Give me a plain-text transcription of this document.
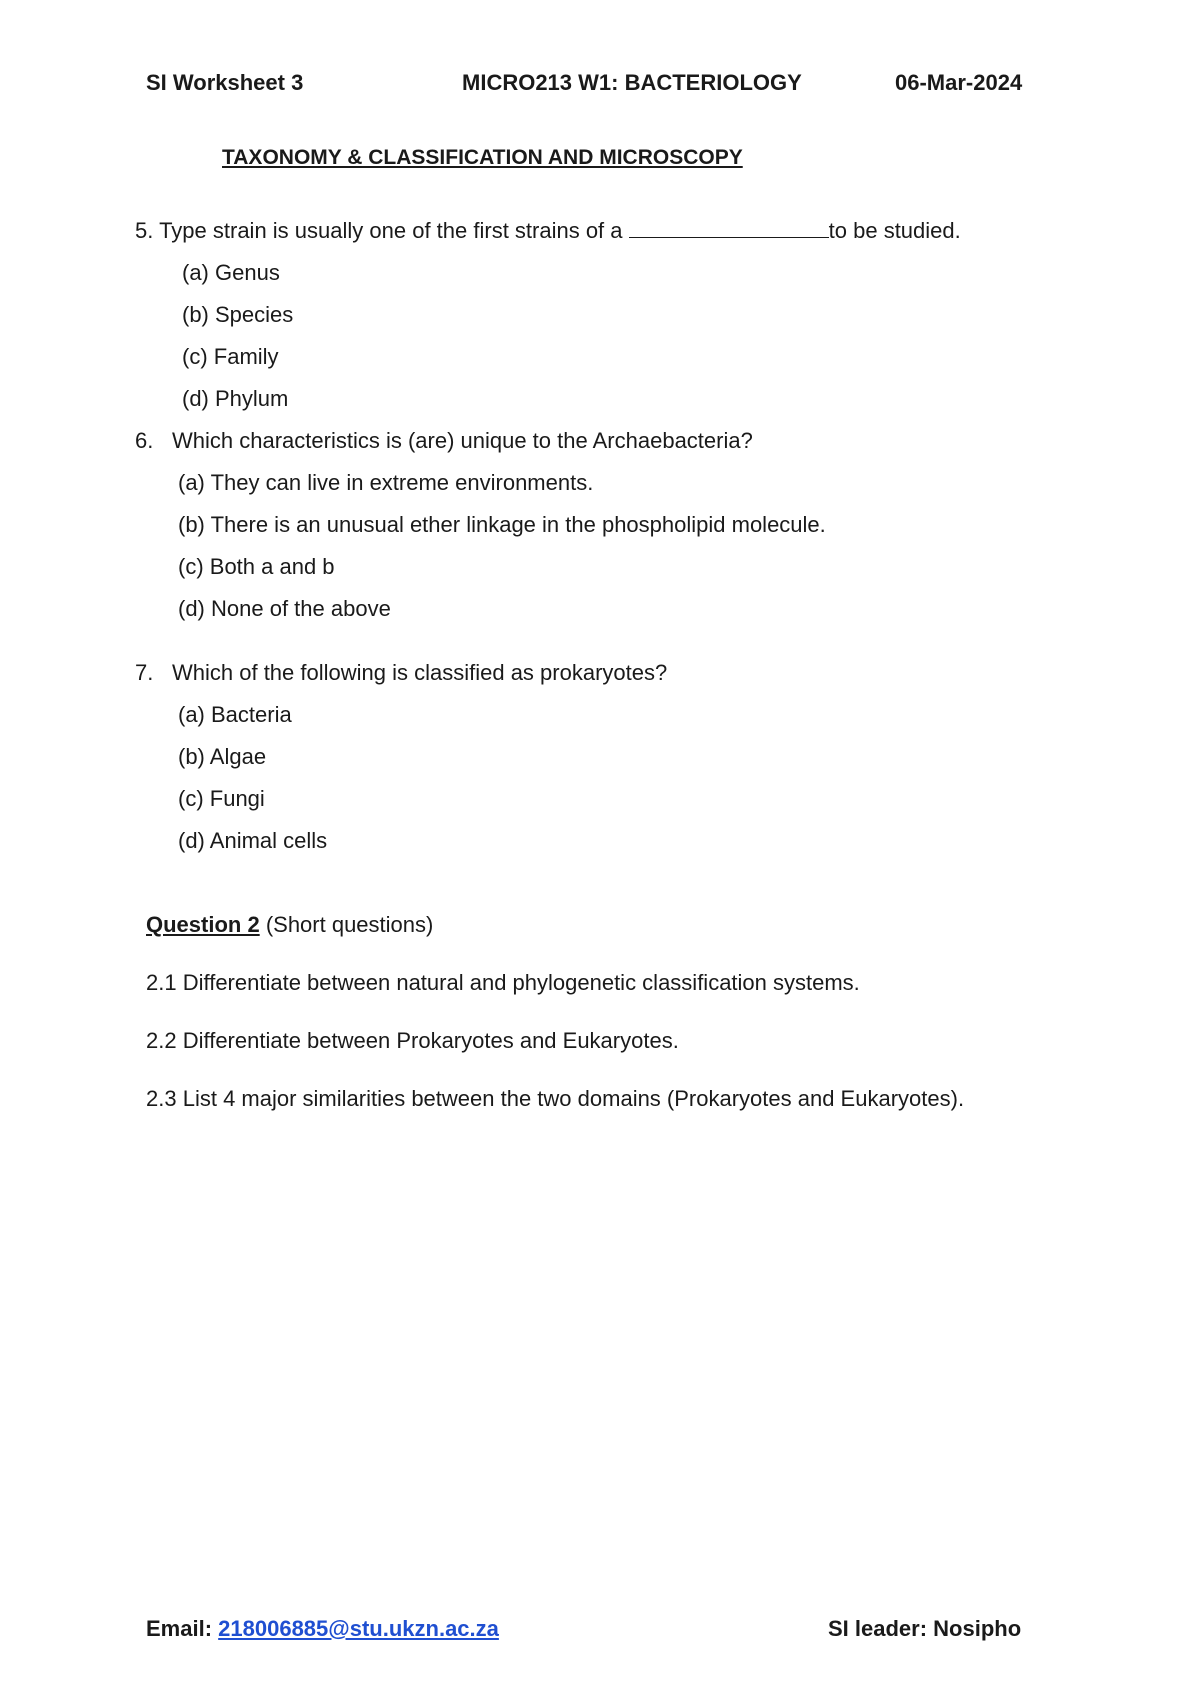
SI Worksheet 3	MICRO213 W1: BACTERIOLOGY	06-Mar-2024
TAXONOMY & CLASSIFICATION AND MICROSCOPY
5. Type strain is usually one of the first strains of a	to be studied.
(a) Genus
(b) Species
(c) Family
(d) Phylum
6. Which characteristics is (are) unique to the Archaebacteria?
(a) They can live in extreme environments.
(b) There is an unusual ether linkage in the phospholipid molecule.
(c) Both a and b
(d) None of the above
7. Which of the following is classified as prokaryotes?
(a) Bacteria
(b) Algae
(c) Fungi
(d) Animal cells
Question 2 (Short questions)
2.1 Differentiate between natural and phylogenetic classification systems.
2.2 Differentiate between Prokaryotes and Eukaryotes.
2.3 List 4 major similarities between the two domains (Prokaryotes and Eukaryotes).
Email: 218006885@stu.ukzn.ac.za	SI leader: Nosipho
